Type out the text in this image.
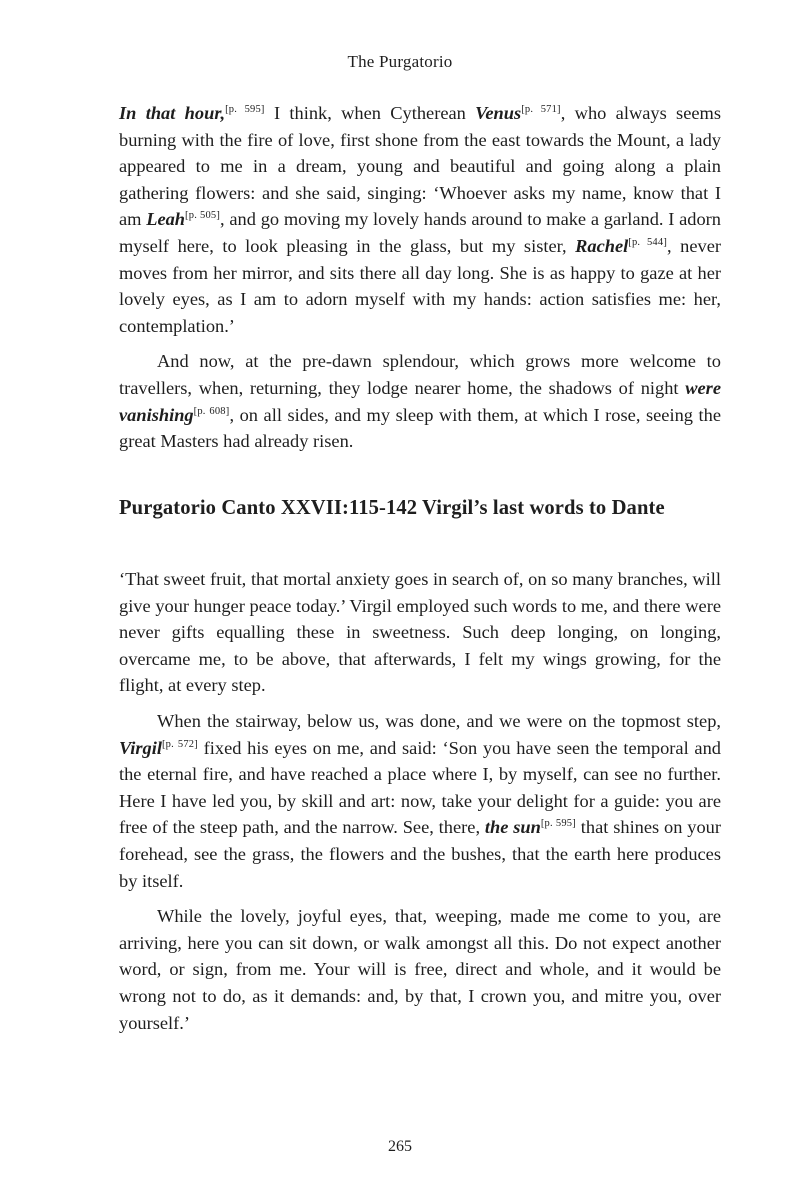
The Purgatorio

In that hour,[p. 595] I think, when Cytherean Venus[p. 571], who always seems burning with the fire of love, first shone from the east towards the Mount, a lady appeared to me in a dream, young and beautiful and going along a plain gathering flowers: and she said, singing: ‘Whoever asks my name, know that I am Leah[p. 505], and go moving my lovely hands around to make a garland. I adorn myself here, to look pleasing in the glass, but my sister, Rachel[p. 544], never moves from her mirror, and sits there all day long. She is as happy to gaze at her lovely eyes, as I am to adorn myself with my hands: action satisfies me: her, contemplation.’

And now, at the pre-dawn splendour, which grows more welcome to travellers, when, returning, they lodge nearer home, the shadows of night were vanishing[p. 608], on all sides, and my sleep with them, at which I rose, seeing the great Masters had already risen.

Purgatorio Canto XXVII:115-142 Virgil’s last words to Dante

‘That sweet fruit, that mortal anxiety goes in search of, on so many branches, will give your hunger peace today.’ Virgil employed such words to me, and there were never gifts equalling these in sweetness. Such deep longing, on longing, overcame me, to be above, that afterwards, I felt my wings growing, for the flight, at every step.

When the stairway, below us, was done, and we were on the topmost step, Virgil[p. 572] fixed his eyes on me, and said: ‘Son you have seen the temporal and the eternal fire, and have reached a place where I, by myself, can see no further. Here I have led you, by skill and art: now, take your delight for a guide: you are free of the steep path, and the narrow. See, there, the sun[p. 595] that shines on your forehead, see the grass, the flowers and the bushes, that the earth here produces by itself.

While the lovely, joyful eyes, that, weeping, made me come to you, are arriving, here you can sit down, or walk amongst all this. Do not expect another word, or sign, from me. Your will is free, direct and whole, and it would be wrong not to do, as it demands: and, by that, I crown you, and mitre you, over yourself.’

265
